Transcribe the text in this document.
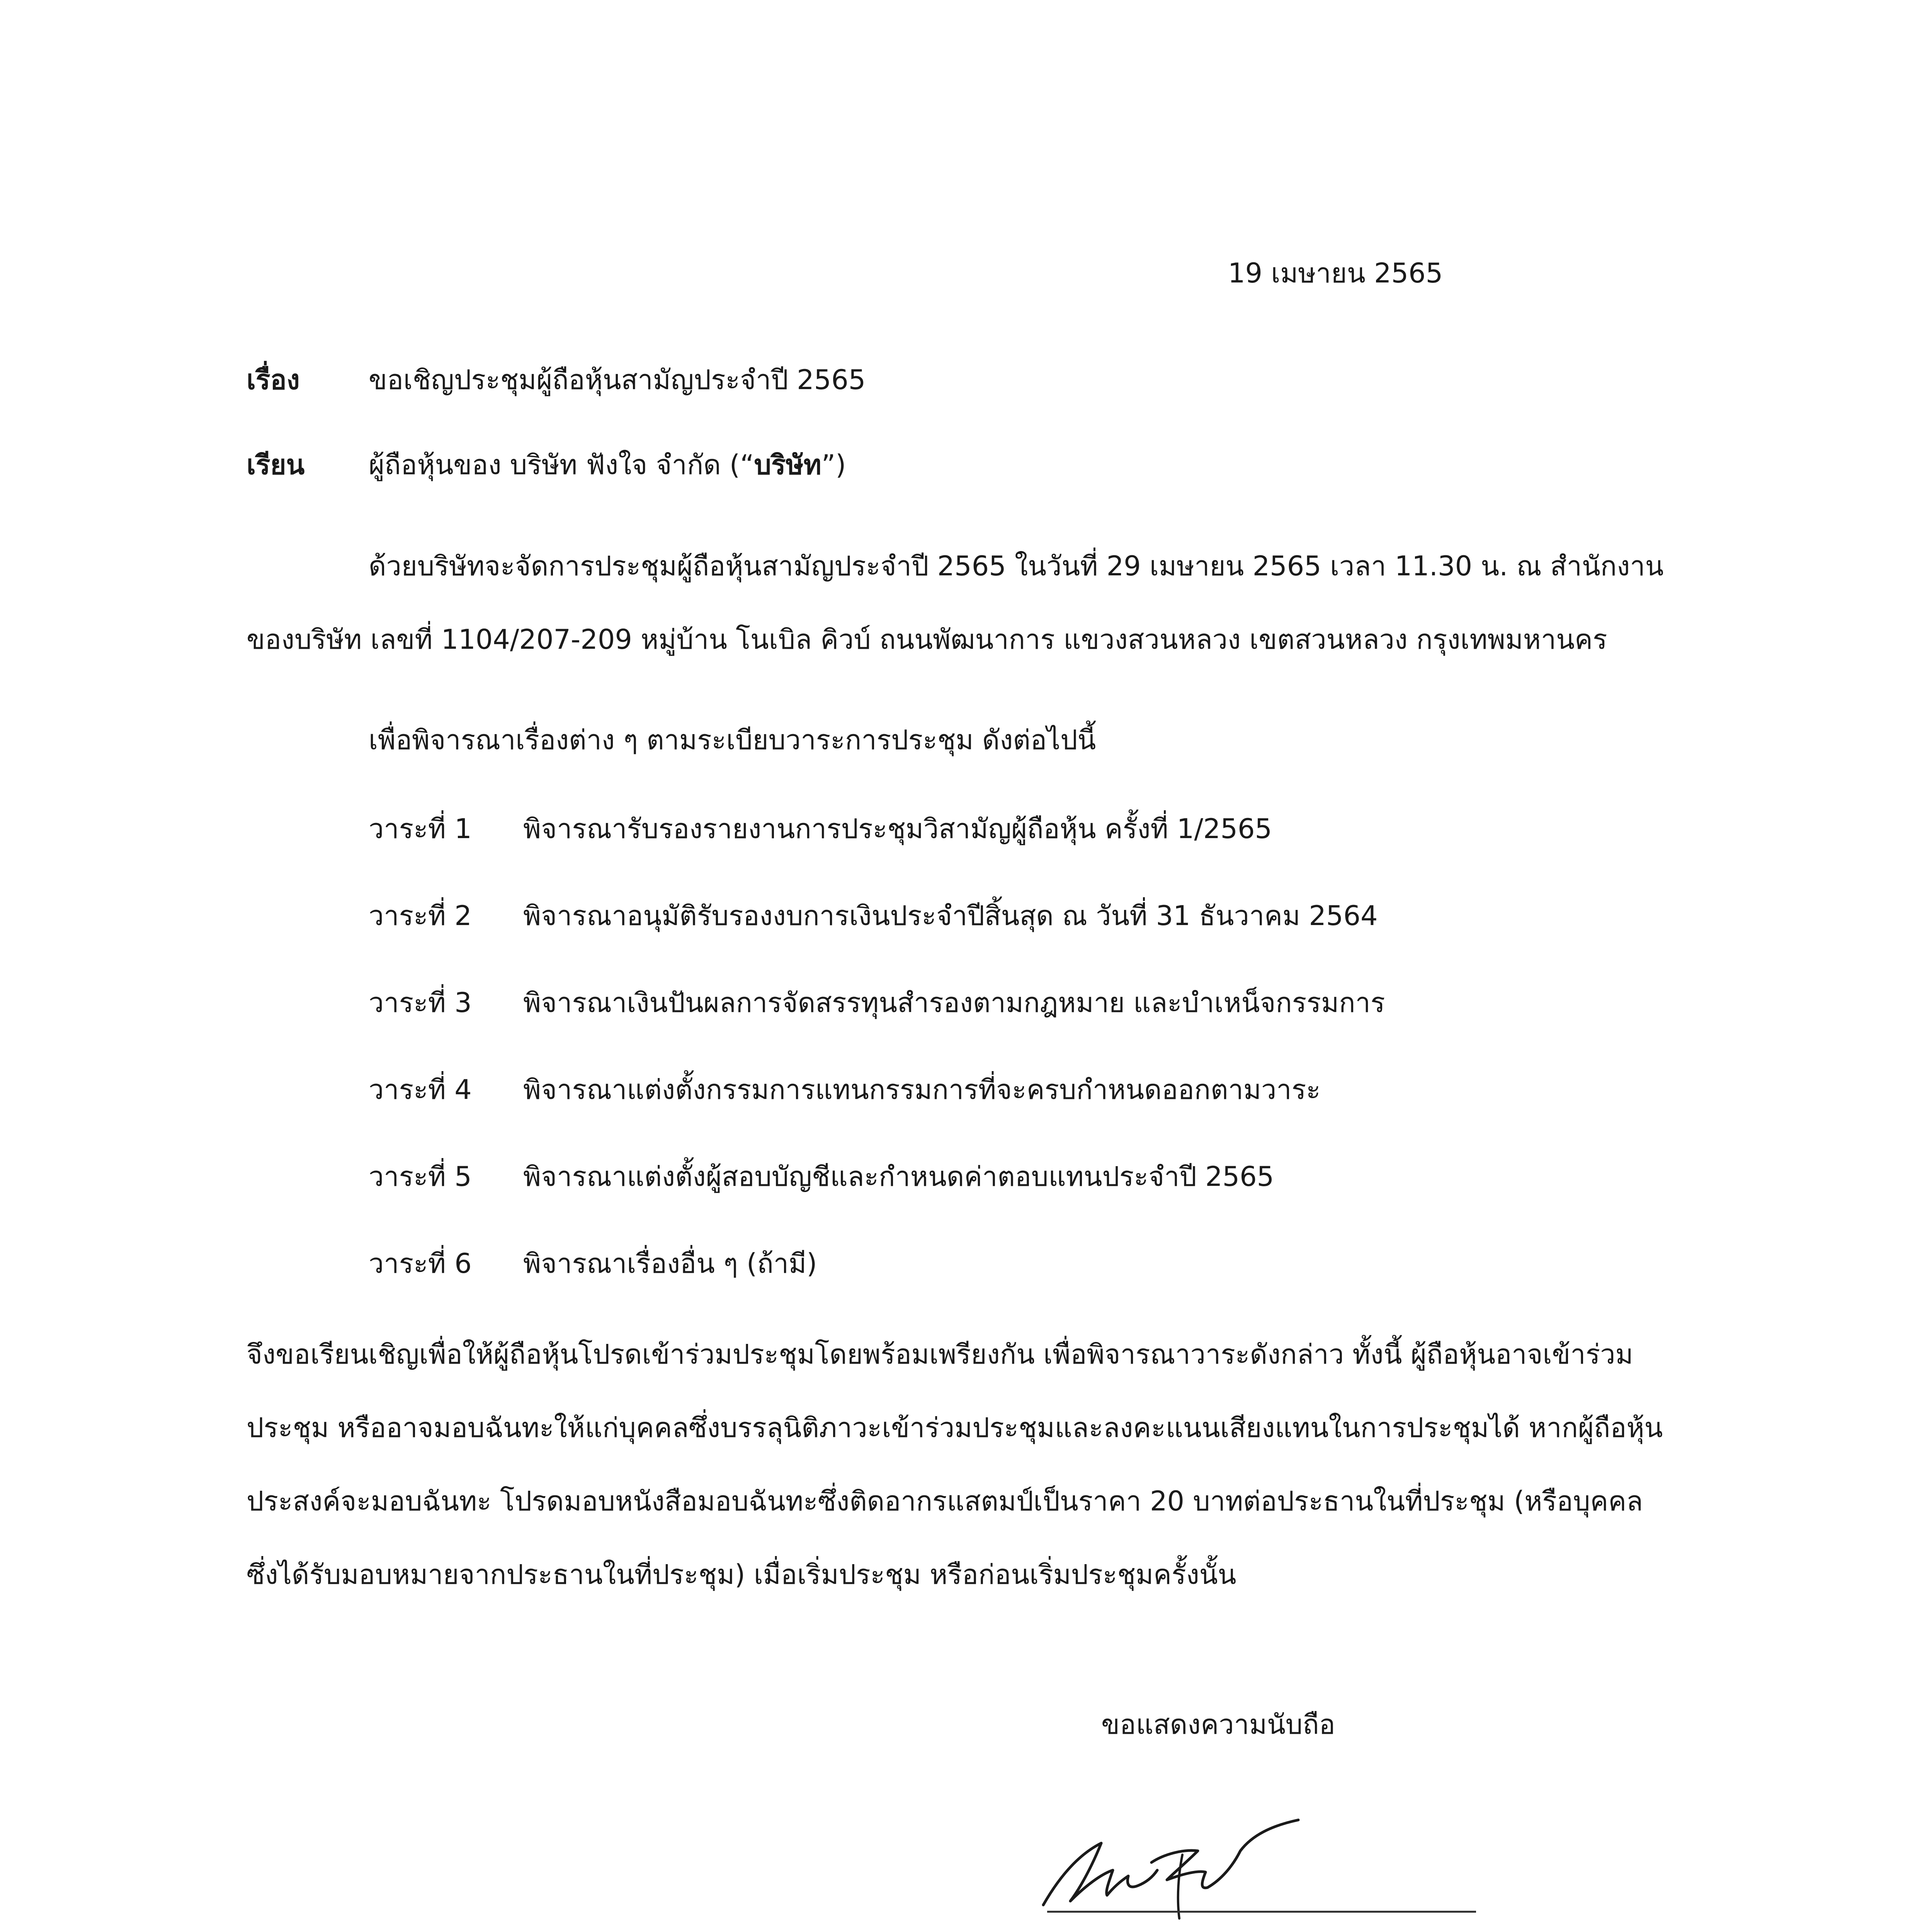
19 เมษายน 2565
เรื่อง	ขอเชิญประชุมผู้ถือหุ้นสามัญประจำปี 2565
เรียน ผู้ถือหุ้นของ บริษัท ฟังใจ จำกัด (“บริษัท”)
ด้วยบริษัทจะจัดการประชุมผู้ถือหุ้นสามัญประจำปี 2565 ในวันที่ 29 เมษายน 2565 เวลา 11.30 น. ณ สำนักงาน
ของบริษัท เลขที่ 1104/207-209 หมู่บ้าน โนเบิล คิวบ์ ถนนพัฒนาการ แขวงสวนหลวง เขตสวนหลวง กรุงเทพมหานคร
เพื่อพิจารณาเรื่องต่าง ๆ ตามระเบียบวาระการประชุม ดังต่อไปนี้
วาระที่ 1 พิจารณารับรองรายงานการประชุมวิสามัญผู้ถือหุ้น ครั้งที่ 1/2565
วาระที่ 2 พิจารณาอนุมัติรับรองงบการเงินประจำปีสิ้นสุด ณ วันที่ 31 ธันวาคม 2564
วาระที่ 3 พิจารณาเงินปันผลการจัดสรรทุนสำรองตามกฎหมาย และบำเหน็จกรรมการ
วาระที่ 4 พิจารณาแต่งตั้งกรรมการแทนกรรมการที่จะครบกำหนดออกตามวาระ
วาระที่ 5 พิจารณาแต่งตั้งผู้สอบบัญชีและกำหนดค่าตอบแทนประจำปี 2565
วาระที่ 6 พิจารณาเรื่องอื่น ๆ (ถ้ามี)
จึงขอเรียนเชิญเพื่อให้ผู้ถือหุ้นโปรดเข้าร่วมประชุมโดยพร้อมเพรียงกัน เพื่อพิจารณาวาระดังกล่าว ทั้งนี้ ผู้ถือหุ้นอาจเข้าร่วม
ประชุม หรืออาจมอบฉันทะให้แก่บุคคลซึ่งบรรลุนิติภาวะเข้าร่วมประชุมและลงคะแนนเสียงแทนในการประชุมได้ หากผู้ถือหุ้น
ประสงค์จะมอบฉันทะ โปรดมอบหนังสือมอบฉันทะซึ่งติดอากรแสตมป์เป็นราคา 20 บาทต่อประธานในที่ประชุม (หรือบุคคล
ซึ่งได้รับมอบหมายจากประธานในที่ประชุม) เมื่อเริ่มประชุม หรือก่อนเริ่มประชุมครั้งนั้น
ขอแสดงความนับถือ
